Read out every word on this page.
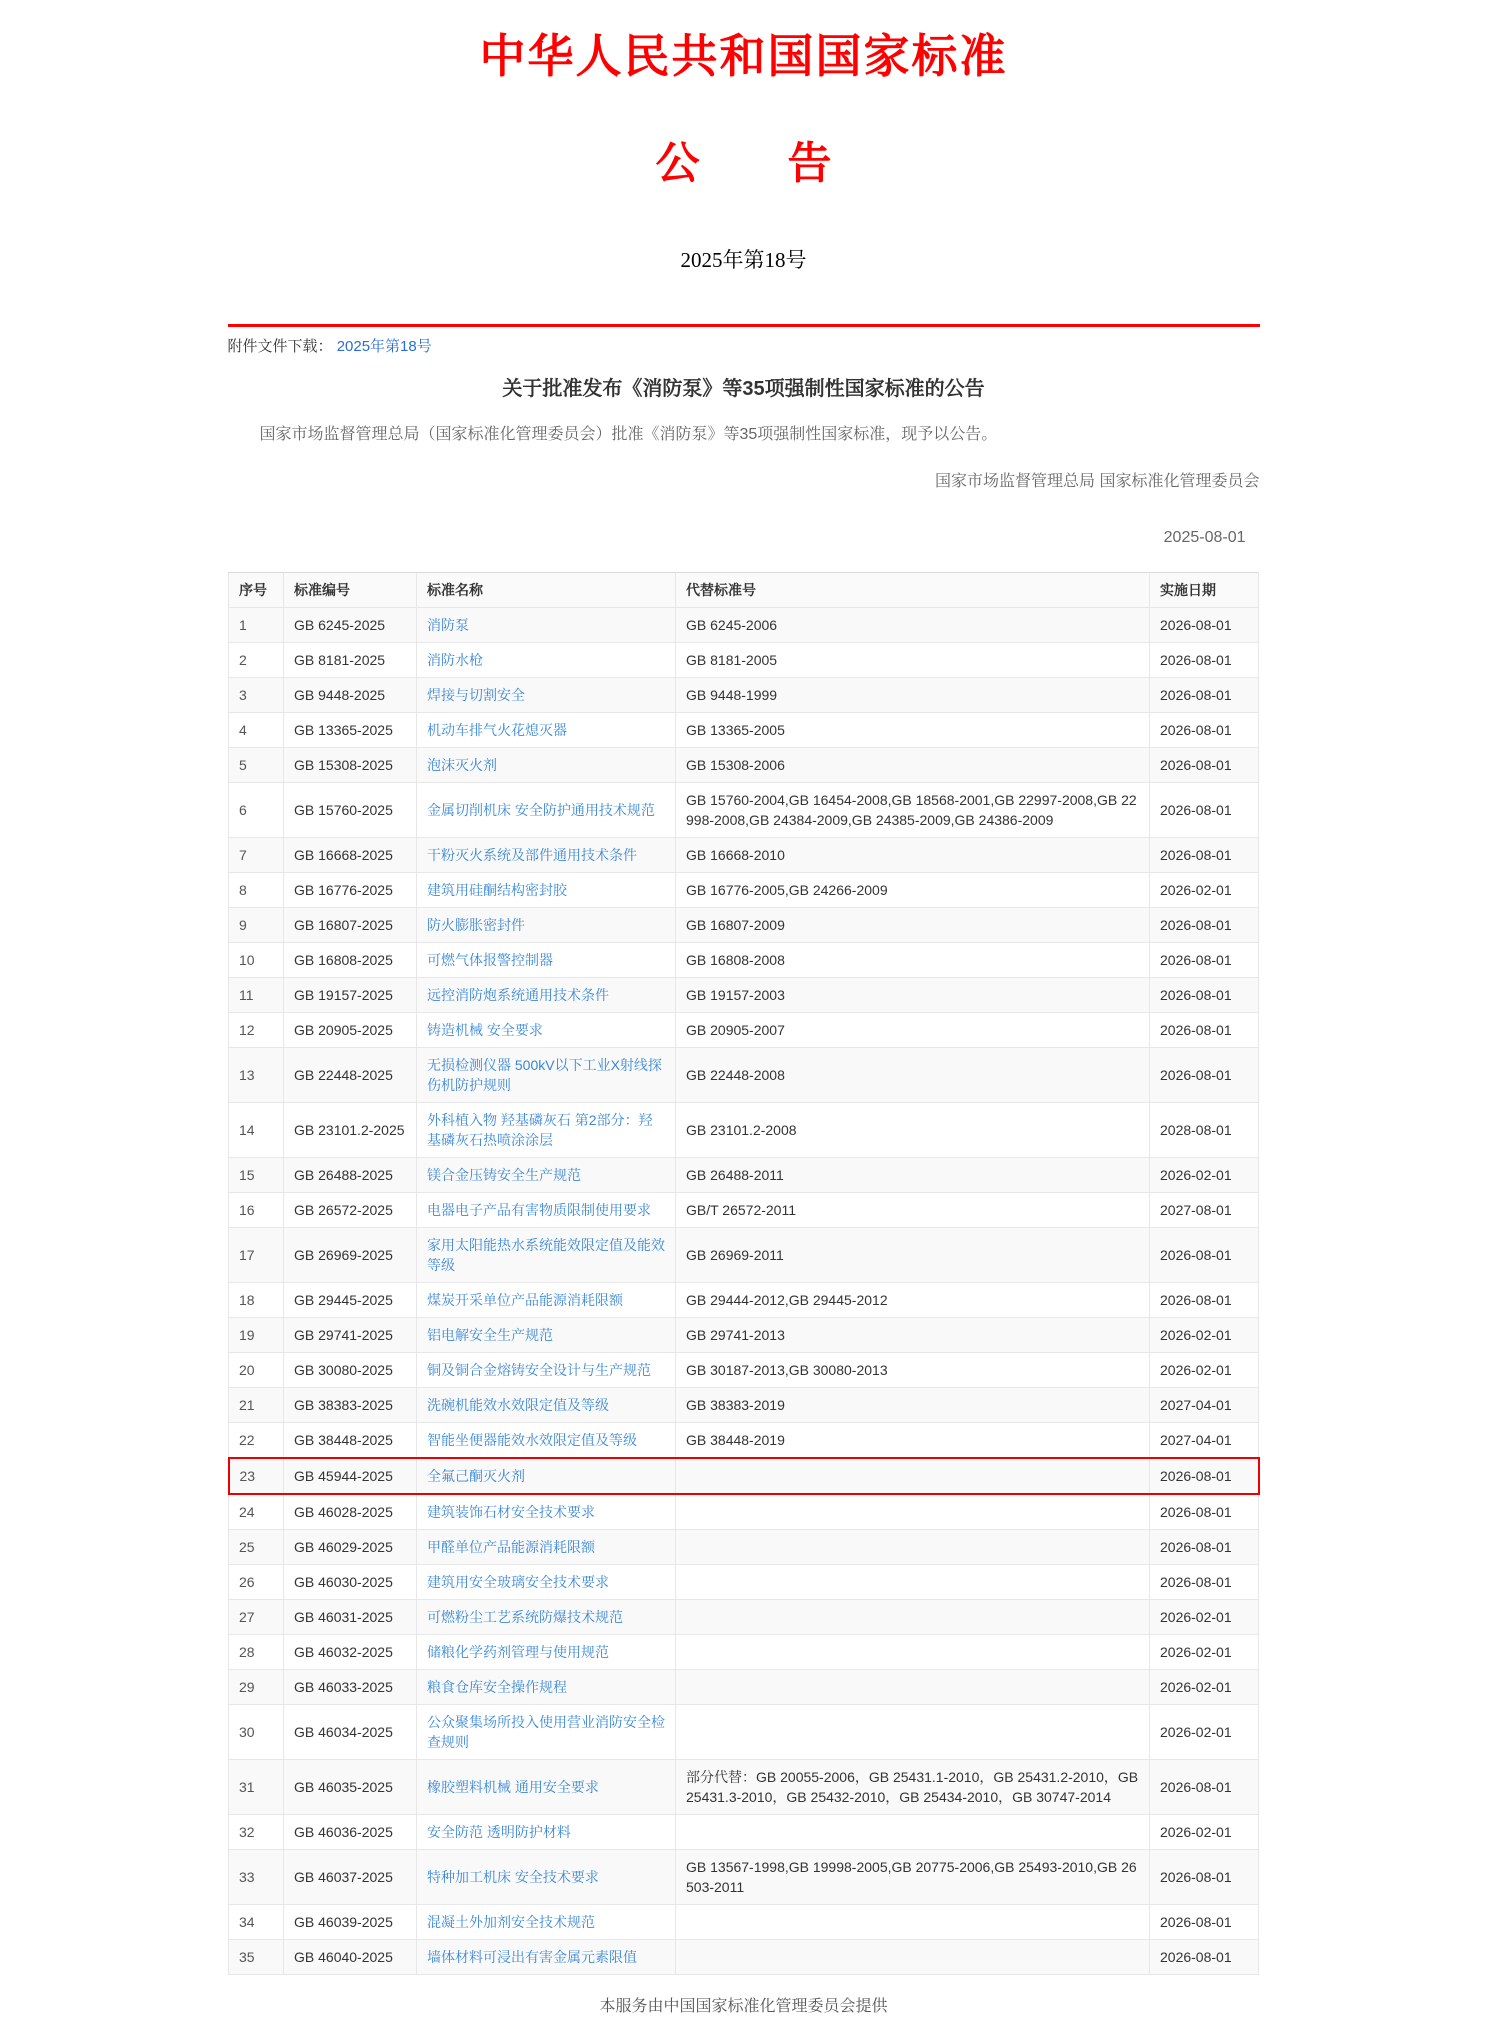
中华人民共和国国家标准
公　　告
2025年第18号
附件文件下载： 2025年第18号
关于批准发布《消防泵》等35项强制性国家标准的公告
国家市场监督管理总局（国家标准化管理委员会）批准《消防泵》等35项强制性国家标准，现予以公告。
国家市场监督管理总局 国家标准化管理委员会
2025-08-01
序号	标准编号	标准名称	代替标准号	实施日期
1	GB 6245-2025	消防泵	GB 6245-2006	2026-08-01
2	GB 8181-2025	消防水枪	GB 8181-2005	2026-08-01
3	GB 9448-2025	焊接与切割安全	GB 9448-1999	2026-08-01
4	GB 13365-2025	机动车排气火花熄灭器	GB 13365-2005	2026-08-01
5	GB 15308-2025	泡沫灭火剂	GB 15308-2006	2026-08-01
6	GB 15760-2025	金属切削机床 安全防护通用技术规范	GB 15760-2004,GB 16454-2008,GB 18568-2001,GB 22997-2008,GB 22998-2008,GB 24384-2009,GB 24385-2009,GB 24386-2009	2026-08-01
7	GB 16668-2025	干粉灭火系统及部件通用技术条件	GB 16668-2010	2026-08-01
8	GB 16776-2025	建筑用硅酮结构密封胶	GB 16776-2005,GB 24266-2009	2026-02-01
9	GB 16807-2025	防火膨胀密封件	GB 16807-2009	2026-08-01
10	GB 16808-2025	可燃气体报警控制器	GB 16808-2008	2026-08-01
11	GB 19157-2025	远控消防炮系统通用技术条件	GB 19157-2003	2026-08-01
12	GB 20905-2025	铸造机械 安全要求	GB 20905-2007	2026-08-01
13	GB 22448-2025	无损检测仪器 500kV以下工业X射线探伤机防护规则	GB 22448-2008	2026-08-01
14	GB 23101.2-2025	外科植入物 羟基磷灰石 第2部分：羟基磷灰石热喷涂涂层	GB 23101.2-2008	2028-08-01
15	GB 26488-2025	镁合金压铸安全生产规范	GB 26488-2011	2026-02-01
16	GB 26572-2025	电器电子产品有害物质限制使用要求	GB/T 26572-2011	2027-08-01
17	GB 26969-2025	家用太阳能热水系统能效限定值及能效等级	GB 26969-2011	2026-08-01
18	GB 29445-2025	煤炭开采单位产品能源消耗限额	GB 29444-2012,GB 29445-2012	2026-08-01
19	GB 29741-2025	铝电解安全生产规范	GB 29741-2013	2026-02-01
20	GB 30080-2025	铜及铜合金熔铸安全设计与生产规范	GB 30187-2013,GB 30080-2013	2026-02-01
21	GB 38383-2025	洗碗机能效水效限定值及等级	GB 38383-2019	2027-04-01
22	GB 38448-2025	智能坐便器能效水效限定值及等级	GB 38448-2019	2027-04-01
23	GB 45944-2025	全氟己酮灭火剂		2026-08-01
24	GB 46028-2025	建筑装饰石材安全技术要求		2026-08-01
25	GB 46029-2025	甲醛单位产品能源消耗限额		2026-08-01
26	GB 46030-2025	建筑用安全玻璃安全技术要求		2026-08-01
27	GB 46031-2025	可燃粉尘工艺系统防爆技术规范		2026-02-01
28	GB 46032-2025	储粮化学药剂管理与使用规范		2026-02-01
29	GB 46033-2025	粮食仓库安全操作规程		2026-02-01
30	GB 46034-2025	公众聚集场所投入使用营业消防安全检查规则		2026-02-01
31	GB 46035-2025	橡胶塑料机械 通用安全要求	部分代替：GB 20055-2006，GB 25431.1-2010，GB 25431.2-2010，GB 25431.3-2010，GB 25432-2010，GB 25434-2010，GB 30747-2014	2026-08-01
32	GB 46036-2025	安全防范 透明防护材料		2026-02-01
33	GB 46037-2025	特种加工机床 安全技术要求	GB 13567-1998,GB 19998-2005,GB 20775-2006,GB 25493-2010,GB 26503-2011	2026-08-01
34	GB 46039-2025	混凝土外加剂安全技术规范		2026-08-01
35	GB 46040-2025	墙体材料可浸出有害金属元素限值		2026-08-01
本服务由中国国家标准化管理委员会提供
